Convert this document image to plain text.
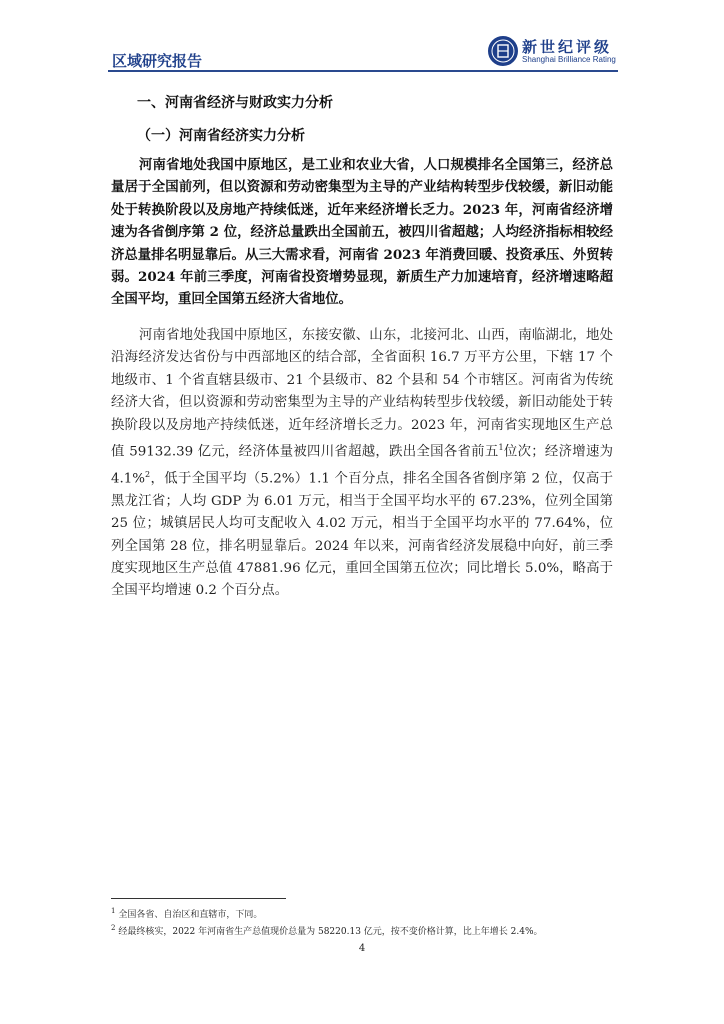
区域研究报告
新世纪评级
Shanghai Brilliance Rating
一、河南省经济与财政实力分析
（一）河南省经济实力分析

河南省地处我国中原地区，是工业和农业大省，人口规模排名全国第三，经济总量居于全国前列，但以资源和劳动密集型为主导的产业结构转型步伐较缓，新旧动能处于转换阶段以及房地产持续低迷，近年来经济增长乏力。2023 年，河南省经济增速为各省倒序第 2 位，经济总量跌出全国前五，被四川省超越；人均经济指标相较经济总量排名明显靠后。从三大需求看，河南省 2023 年消费回暖、投资承压、外贸转弱。2024 年前三季度，河南省投资增势显现，新质生产力加速培育，经济增速略超全国平均，重回全国第五经济大省地位。

河南省地处我国中原地区，东接安徽、山东，北接河北、山西，南临湖北，地处沿海经济发达省份与中西部地区的结合部，全省面积 16.7 万平方公里，下辖 17 个地级市、1 个省直辖县级市、21 个县级市、82 个县和 54 个市辖区。河南省为传统经济大省，但以资源和劳动密集型为主导的产业结构转型步伐较缓，新旧动能处于转换阶段以及房地产持续低迷，近年经济增长乏力。2023 年，河南省实现地区生产总值 59132.39 亿元，经济体量被四川省超越，跌出全国各省前五$^1$位次；经济增速为 4.1%$^2$，低于全国平均（5.2%）1.1 个百分点，排名全国各省倒序第 2 位，仅高于黑龙江省；人均 GDP 为 6.01 万元，相当于全国平均水平的 67.23%，位列全国第 25 位；城镇居民人均可支配收入 4.02 万元，相当于全国平均水平的 77.64%，位列全国第 28 位，排名明显靠后。2024 年以来，河南省经济发展稳中向好，前三季度实现地区生产总值 47881.96 亿元，重回全国第五位次；同比增长 5.0%，略高于全国平均增速 0.2 个百分点。

$^1$ 全国各省、自治区和直辖市，下同。
$^2$ 经最终核实，2022 年河南省生产总值现价总量为 58220.13 亿元，按不变价格计算，比上年增长 2.4%。
4
